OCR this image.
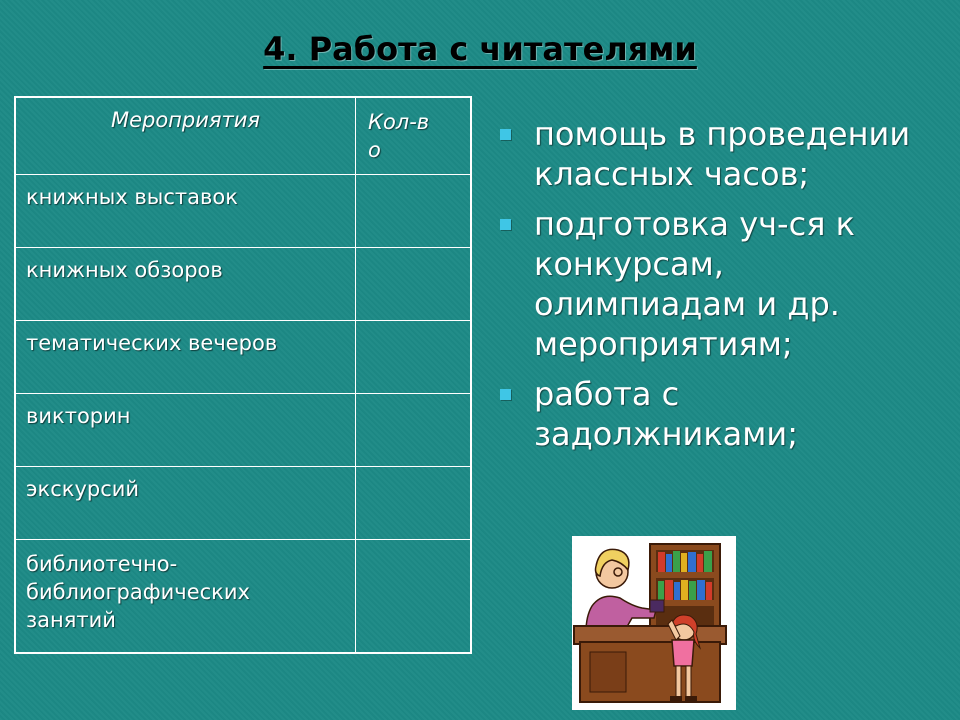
4. Работа с читателями
Мероприятия	Кол-во
книжных выставок	
книжных обзоров	
тематических вечеров	
викторин	
экскурсий	
библиотечно-библиографических занятий	
помощь в проведении классных часов;
подготовка уч-ся к конкурсам, олимпиадам и др. мероприятиям;
работа с задолжниками;
